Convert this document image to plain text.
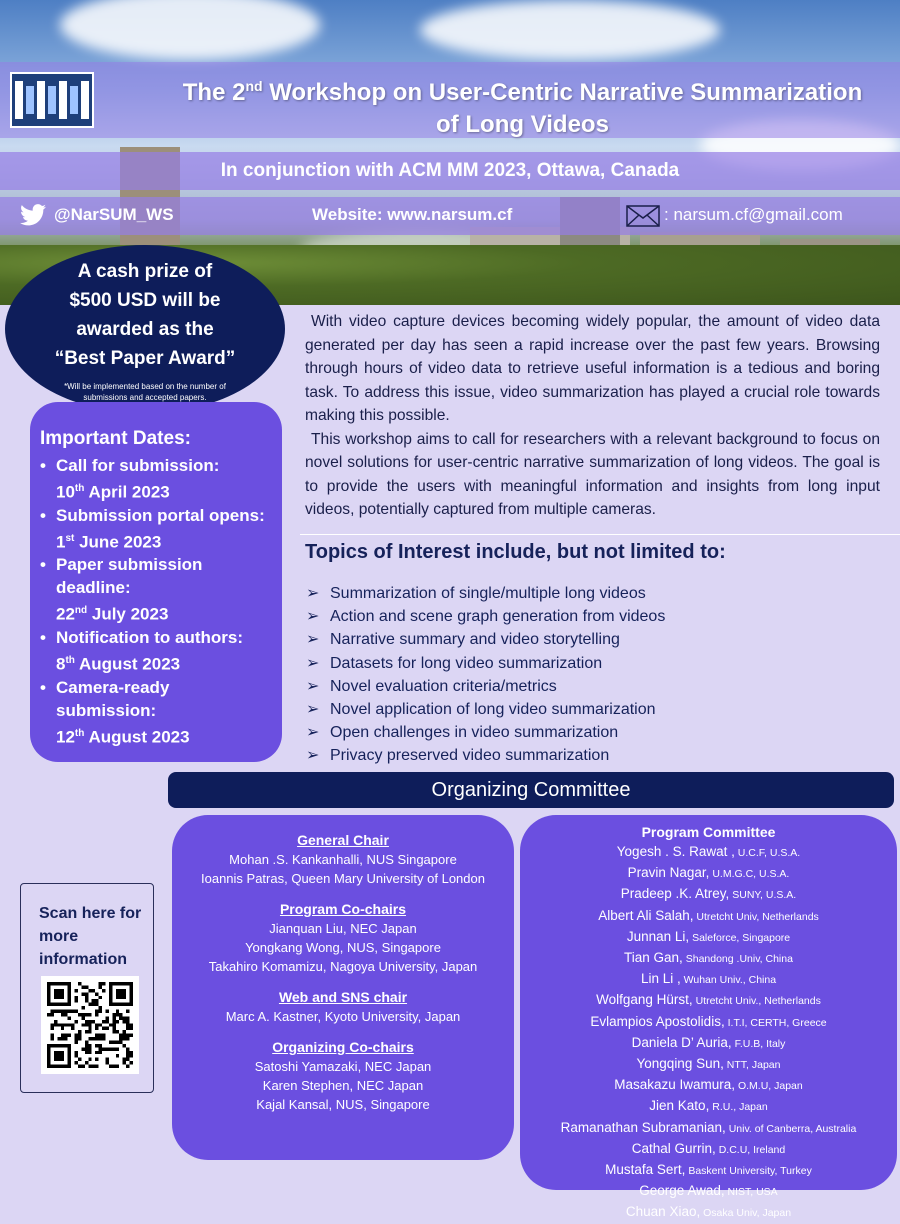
The 2nd Workshop on User-Centric Narrative Summarization
of Long Videos
In conjunction with ACM MM 2023, Ottawa, Canada
@NarSUM_WS	Website: www.narsum.cf	: narsum.cf@gmail.com
A cash prize of
$500 USD will be
awarded as the
“Best Paper Award”
*Will be implemented based on the number of submissions and accepted papers.
Important Dates:
• Call for submission:
10th April 2023
• Submission portal opens:
1st June 2023
• Paper submission deadline:
22nd July 2023
• Notification to authors:
8th August 2023
• Camera-ready submission:
12th August 2023

With video capture devices becoming widely popular, the amount of video data generated per day has seen a rapid increase over the past few years. Browsing through hours of video data to retrieve useful information is a tedious and boring task. To address this issue, video summarization has played a crucial role towards making this possible.

This workshop aims to call for researchers with a relevant background to focus on novel solutions for user-centric narrative summarization of long videos. The goal is to provide the users with meaningful information and insights from long input videos, potentially captured from multiple cameras.

Topics of Interest include, but not limited to:
➢ Summarization of single/multiple long videos
➢ Action and scene graph generation from videos
➢ Narrative summary and video storytelling
➢ Datasets for long video summarization
➢ Novel evaluation criteria/metrics
➢ Novel application of long video summarization
➢ Open challenges in video summarization
➢ Privacy preserved video summarization
Organizing Committee
General Chair
Mohan .S. Kankanhalli, NUS Singapore
Ioannis Patras, Queen Mary University of London
Program Co-chairs
Jianquan Liu, NEC Japan
Yongkang Wong, NUS, Singapore
Takahiro Komamizu, Nagoya University, Japan
Web and SNS chair
Marc A. Kastner, Kyoto University, Japan
Organizing Co-chairs
Satoshi Yamazaki, NEC Japan
Karen Stephen, NEC Japan
Kajal Kansal, NUS, Singapore
Program Committee
Yogesh . S. Rawat , U.C.F, U.S.A.
Pravin Nagar, U.M.G.C, U.S.A.
Pradeep .K. Atrey, SUNY, U.S.A.
Albert Ali Salah, Utretcht Univ, Netherlands
Junnan Li, Saleforce, Singapore
Tian Gan, Shandong .Univ, China
Lin Li , Wuhan Univ., China
Wolfgang Hürst, Utretcht Univ., Netherlands
Evlampios Apostolidis, I.T.I, CERTH, Greece
Daniela D’ Auria, F.U.B, Italy
Yongqing Sun, NTT, Japan
Masakazu Iwamura, O.M.U, Japan
Jien Kato, R.U., Japan
Ramanathan Subramanian, Univ. of Canberra, Australia
Cathal Gurrin, D.C.U, Ireland
Mustafa Sert, Baskent University, Turkey
George Awad, NIST, USA
Chuan Xiao, Osaka Univ, Japan
Scan here for more information
